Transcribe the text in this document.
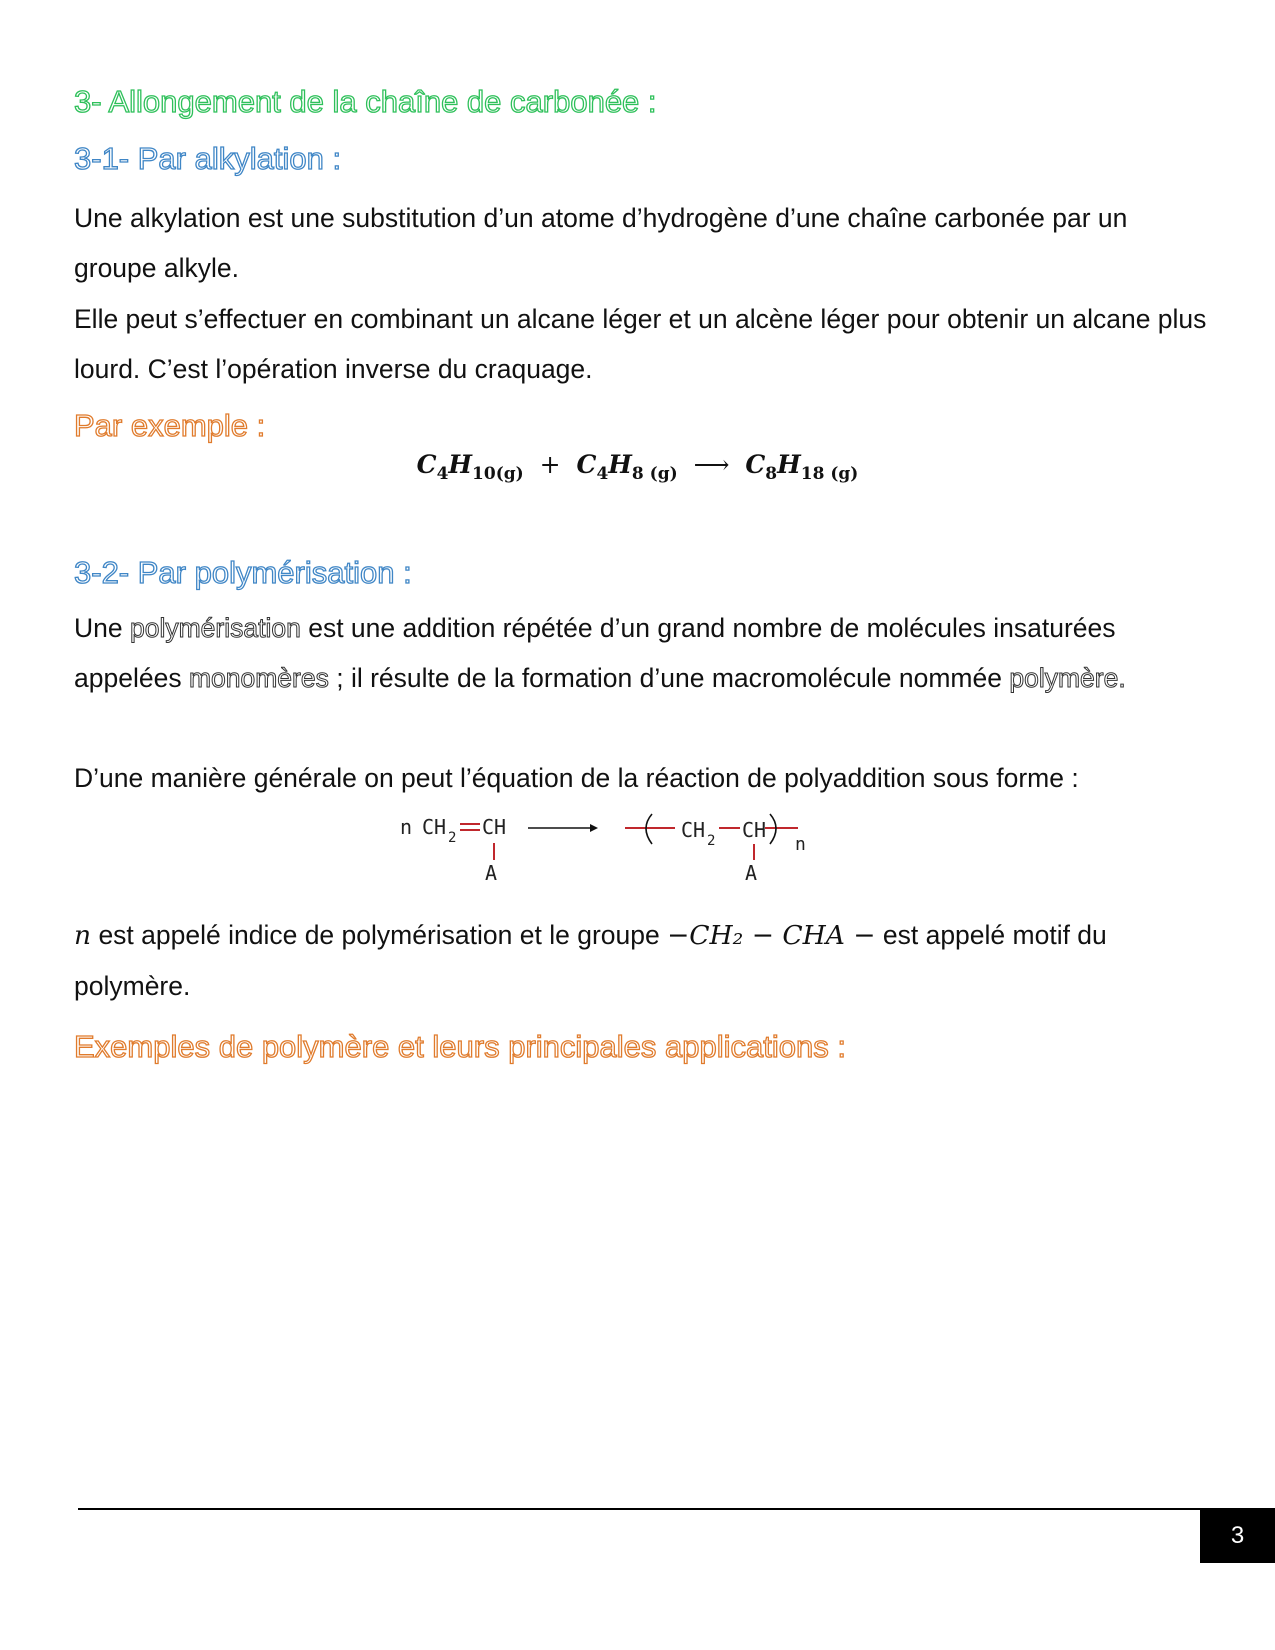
3- Allongement de la chaîne de carbonée :
3-1- Par alkylation :

Une alkylation est une substitution d’un atome d’hydrogène d’une chaîne carbonée par un groupe alkyle.

Elle peut s’effectuer en combinant un alcane léger et un alcène léger pour obtenir un alcane plus lourd. C’est l’opération inverse du craquage.

Par exemple :
$C_4H_{10(g)} + C_4H_{8 (g)}$ ⟶ $C_8H_{18 (g)}$
3-2- Par polymérisation :

Une polymérisation est une addition répétée d’un grand nombre de molécules insaturées appelées monomères ; il résulte de la formation d’une macromolécule nommée polymère.

D’une manière générale on peut l’équation de la réaction de polyaddition sous forme :

n CH 2 CH
A
CH 2 CH
A
n

n est appelé indice de polymérisation et le groupe −CH₂ − CHA − est appelé motif du polymère.

Exemples de polymère et leurs principales applications :
3
